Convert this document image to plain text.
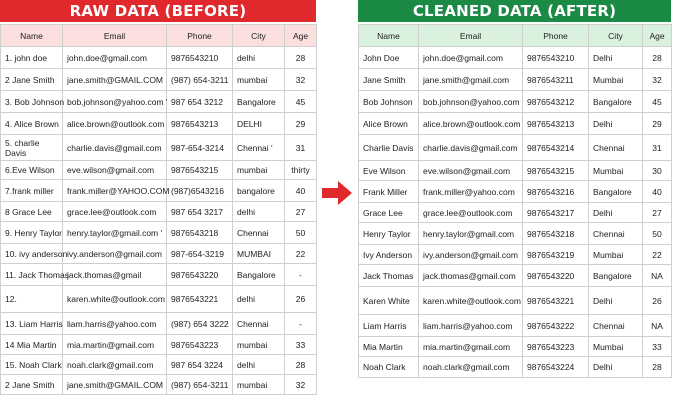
RAW DATA (BEFORE)
Name	Email	Phone	City	Age
1. john doe	john.doe@gmail.com	9876543210	delhi	28
2 Jane Smith	jane.smith@GMAIL.COM	(987) 654-3211	mumbai	32
3. Bob Johnson	bob.johnson@yahoo.com '	987 654 3212	Bangalore	45
4. Alice Brown	alice.brown@outlook.com	9876543213	DELHI	29
5. charlie Davis	charlie.davis@gmail.com	987-654-3214	Chennai '	31
6.Eve Wilson	eve.wilson@gmail.com	9876543215	mumbai	thirty
7.frank miller	frank.miller@YAHOO.COM	(987)6543216	bangalore	40
8 Grace Lee	grace.lee@outlook.com	987 654 3217	delhi	27
9. Henry Taylor	henry.taylor@gmail.com '	9876543218	Chennai	50
10. ivy anderson	ivy.anderson@gmail.com	987-654-3219	MUMBAI	22
11. Jack Thomas	jack.thomas@gmail	9876543220	Bangalore	-
12.	karen.white@outlook.com	9876543221	delhi	26
13. Liam Harris	liam.harris@yahoo.com	(987) 654 3222	Chennai	-
14 Mia Martin	mia.martin@gmail.com	9876543223	mumbai	33
15. Noah Clark	noah.clark@gmail.com	987 654 3224	delhi	28
2 Jane Smith	jane.smith@GMAIL.COM	(987) 654-3211	mumbai	32
CLEANED DATA (AFTER)
Name	Email	Phone	City	Age
John Doe	john.doe@gmail.com	9876543210	Delhi	28
Jane Smith	jane.smith@gmail.com	9876543211	Mumbai	32
Bob Johnson	bob.johnson@yahoo.com	9876543212	Bangalore	45
Alice Brown	alice.brown@outlook.com	9876543213	Delhi	29
Charlie Davis	charlie.davis@gmail.com	9876543214	Chennai	31
Eve Wilson	eve.wilson@gmail.com	9876543215	Mumbai	30
Frank Miller	frank.miller@yahoo.com	9876543216	Bangalore	40
Grace Lee	grace.lee@outlook.com	9876543217	Delhi	27
Henry Taylor	henry.taylor@gmail.com	9876543218	Chennai	50
Ivy Anderson	ivy.anderson@gmail.com	9876543219	Mumbai	22
Jack Thomas	jack.thomas@gmail.com	9876543220	Bangalore	NA
Karen White	karen.white@outlook.com	9876543221	Delhi	26
Liam Harris	liam.harris@yahoo.com	9876543222	Chennai	NA
Mia Martin	mia.martin@gmail.com	9876543223	Mumbai	33
Noah Clark	noah.clark@gmail.com	9876543224	Delhi	28
